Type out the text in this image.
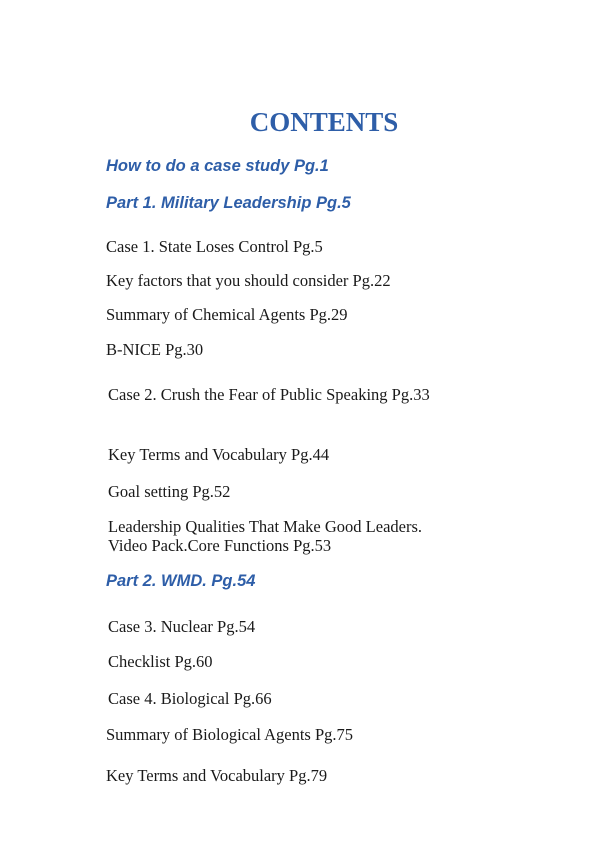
CONTENTS
How to do a case study Pg.1
Part 1. Military Leadership Pg.5
Case 1. State Loses Control Pg.5
Key factors that you should consider Pg.22
Summary of Chemical Agents Pg.29
B-NICE Pg.30
Case 2. Crush the Fear of Public Speaking Pg.33
Key Terms and Vocabulary Pg.44
Goal setting Pg.52
Leadership Qualities That Make Good Leaders.
Video Pack.Core Functions Pg.53
Part 2. WMD. Pg.54
Case 3. Nuclear Pg.54
Checklist Pg.60
Case 4. Biological Pg.66
Summary of Biological Agents Pg.75
Key Terms and Vocabulary Pg.79
